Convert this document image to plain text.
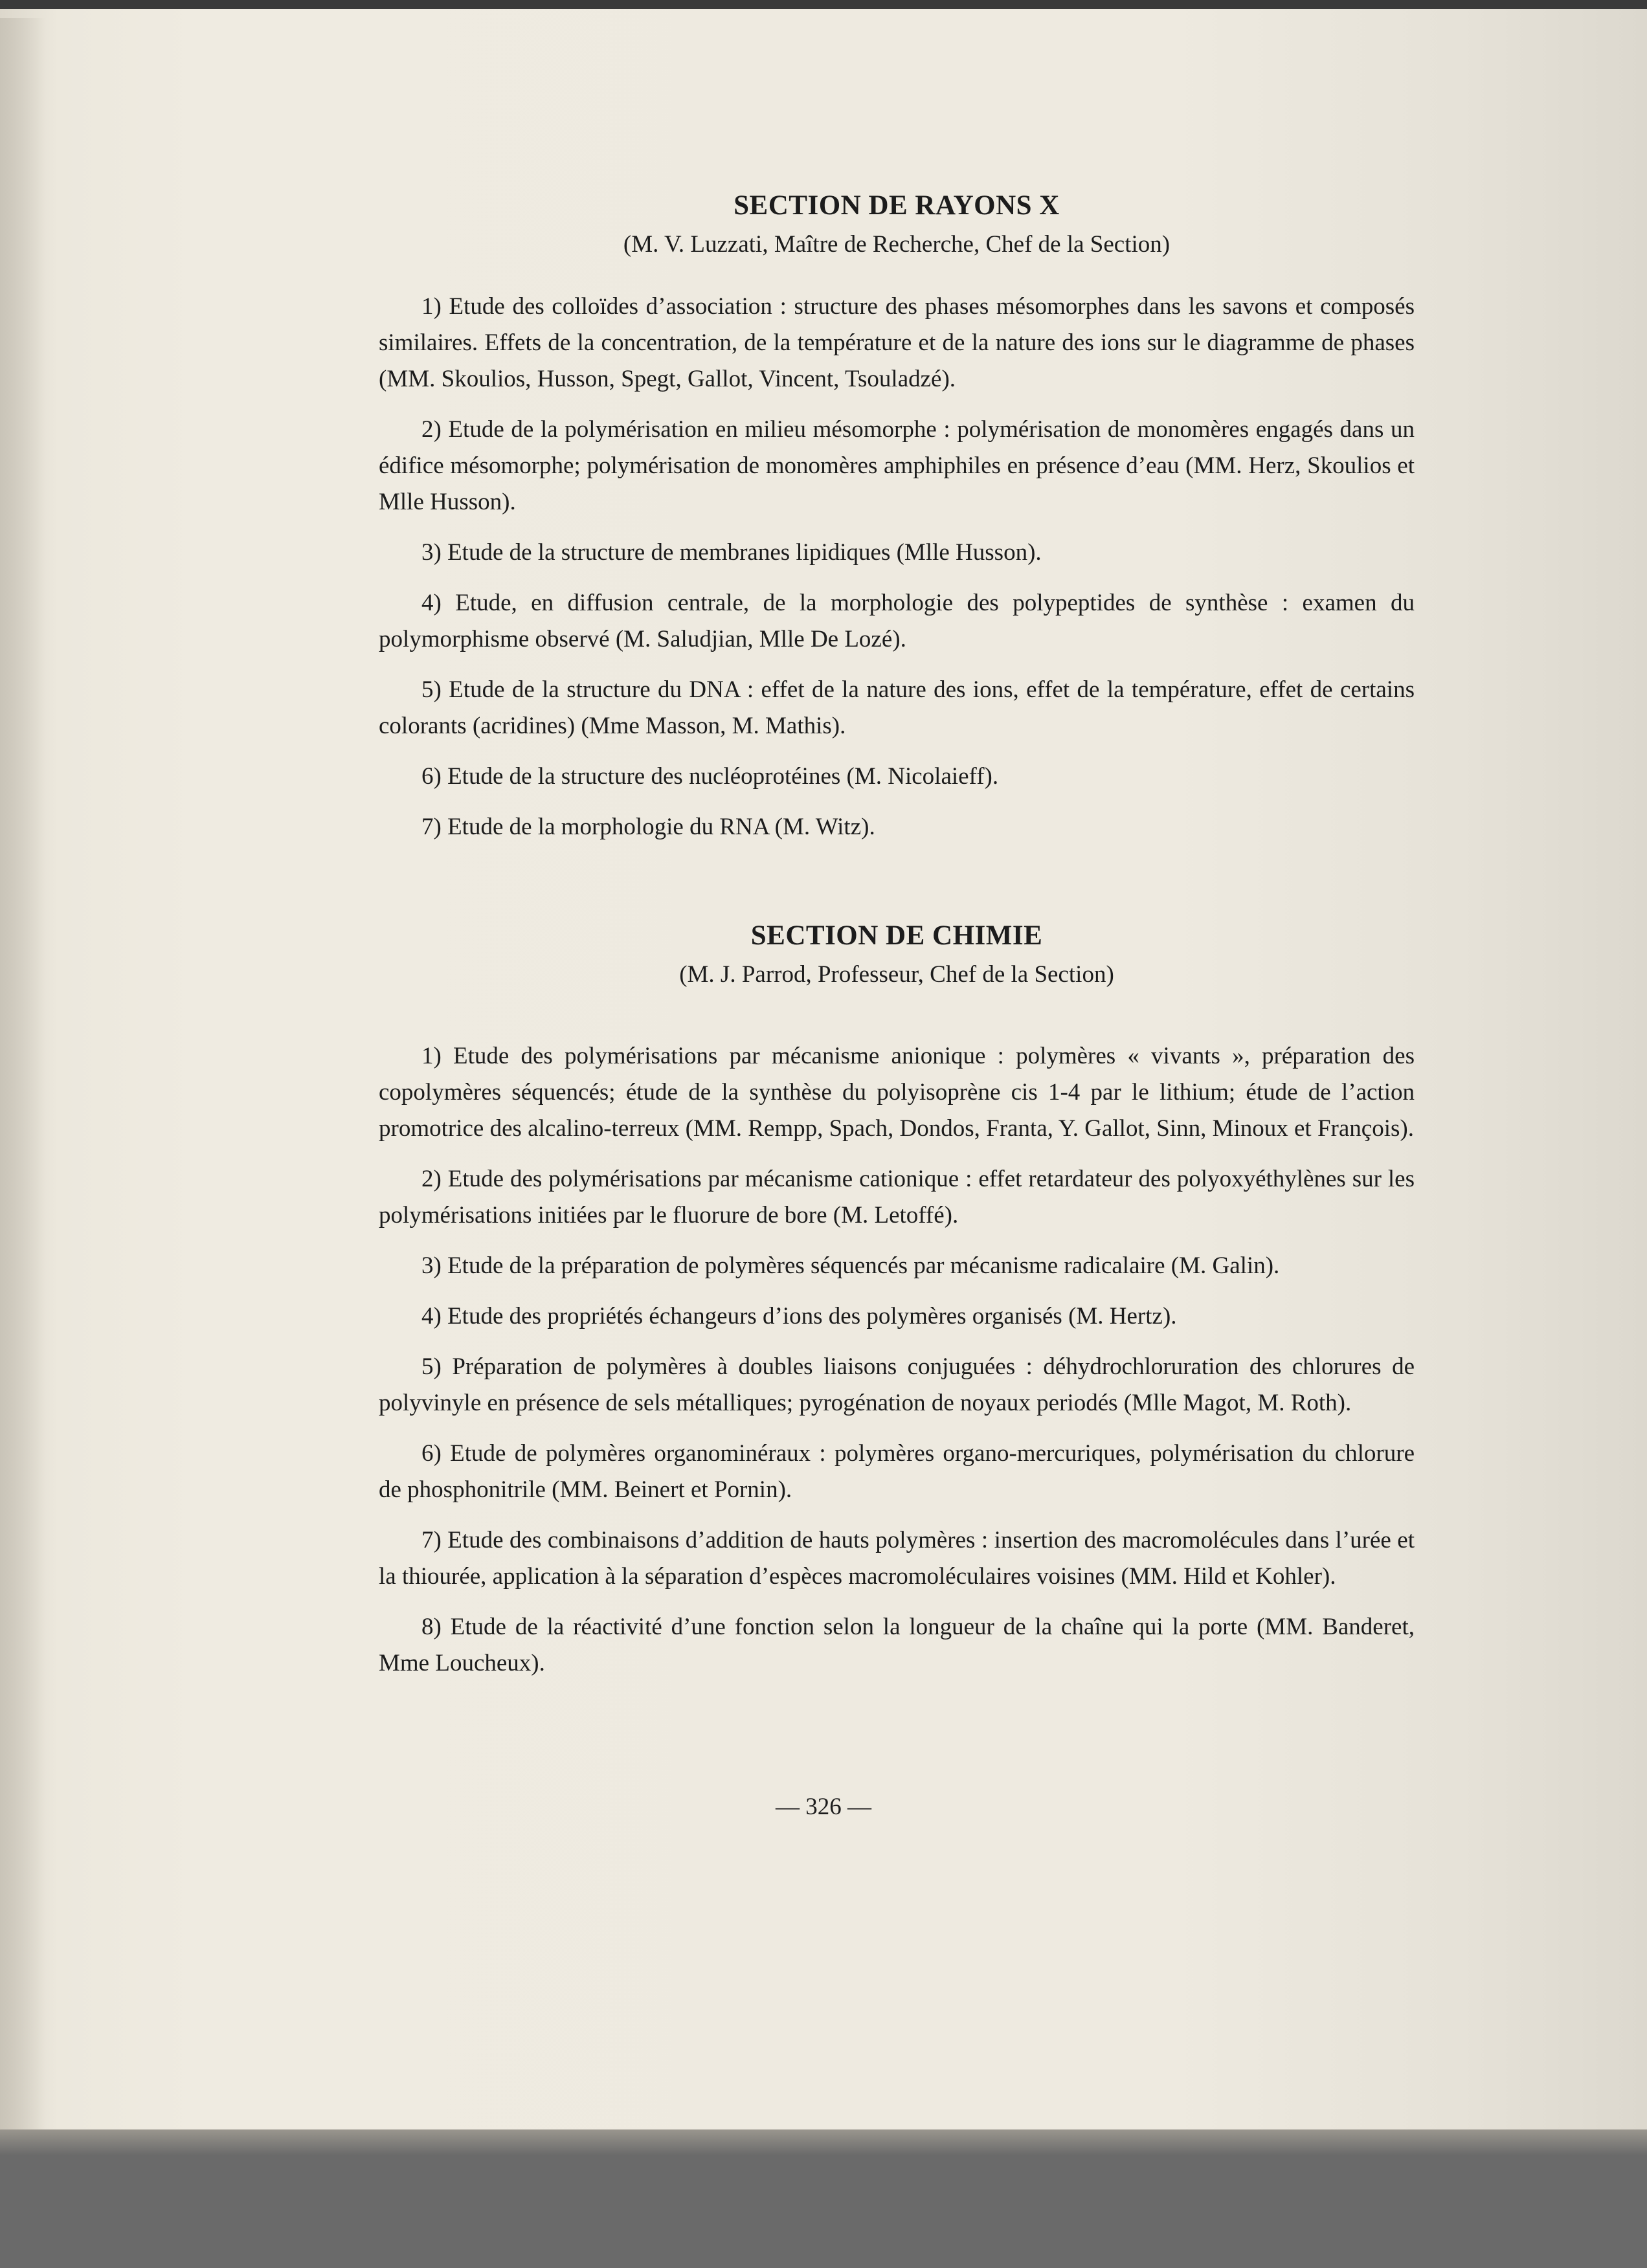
SECTION DE RAYONS X

(M. V. Luzzati, Maître de Recherche, Chef de la Section)

1) Etude des colloïdes d’association : structure des phases mésomorphes dans les savons et composés similaires. Effets de la concentration, de la température et de la nature des ions sur le diagramme de phases (MM. Skoulios, Husson, Spegt, Gallot, Vincent, Tsouladzé).

2) Etude de la polymérisation en milieu mésomorphe : polymérisation de monomères engagés dans un édifice mésomorphe; polymérisation de monomères amphiphiles en présence d’eau (MM. Herz, Skoulios et Mlle Husson).

3) Etude de la structure de membranes lipidiques (Mlle Husson).

4) Etude, en diffusion centrale, de la morphologie des polypeptides de synthèse : examen du polymorphisme observé (M. Saludjian, Mlle De Lozé).

5) Etude de la structure du DNA : effet de la nature des ions, effet de la température, effet de certains colorants (acridines) (Mme Masson, M. Mathis).

6) Etude de la structure des nucléoprotéines (M. Nicolaieff).

7) Etude de la morphologie du RNA (M. Witz).

SECTION DE CHIMIE

(M. J. Parrod, Professeur, Chef de la Section)

1) Etude des polymérisations par mécanisme anionique : polymères « vivants », préparation des copolymères séquencés; étude de la synthèse du polyisoprène cis 1-4 par le lithium; étude de l’action promotrice des alcalino-terreux (MM. Rempp, Spach, Dondos, Franta, Y. Gallot, Sinn, Minoux et François).

2) Etude des polymérisations par mécanisme cationique : effet retardateur des polyoxyéthylènes sur les polymérisations initiées par le fluorure de bore (M. Letoffé).

3) Etude de la préparation de polymères séquencés par mécanisme radicalaire (M. Galin).

4) Etude des propriétés échangeurs d’ions des polymères organisés (M. Hertz).

5) Préparation de polymères à doubles liaisons conjuguées : déhydrochloruration des chlorures de polyvinyle en présence de sels métalliques; pyrogénation de noyaux periodés (Mlle Magot, M. Roth).

6) Etude de polymères organominéraux : polymères organo-mercuriques, polymérisation du chlorure de phosphonitrile (MM. Beinert et Pornin).

7) Etude des combinaisons d’addition de hauts polymères : insertion des macromolécules dans l’urée et la thiourée, application à la séparation d’espèces macromoléculaires voisines (MM. Hild et Kohler).

8) Etude de la réactivité d’une fonction selon la longueur de la chaîne qui la porte (MM. Banderet, Mme Loucheux).

— 326 —
